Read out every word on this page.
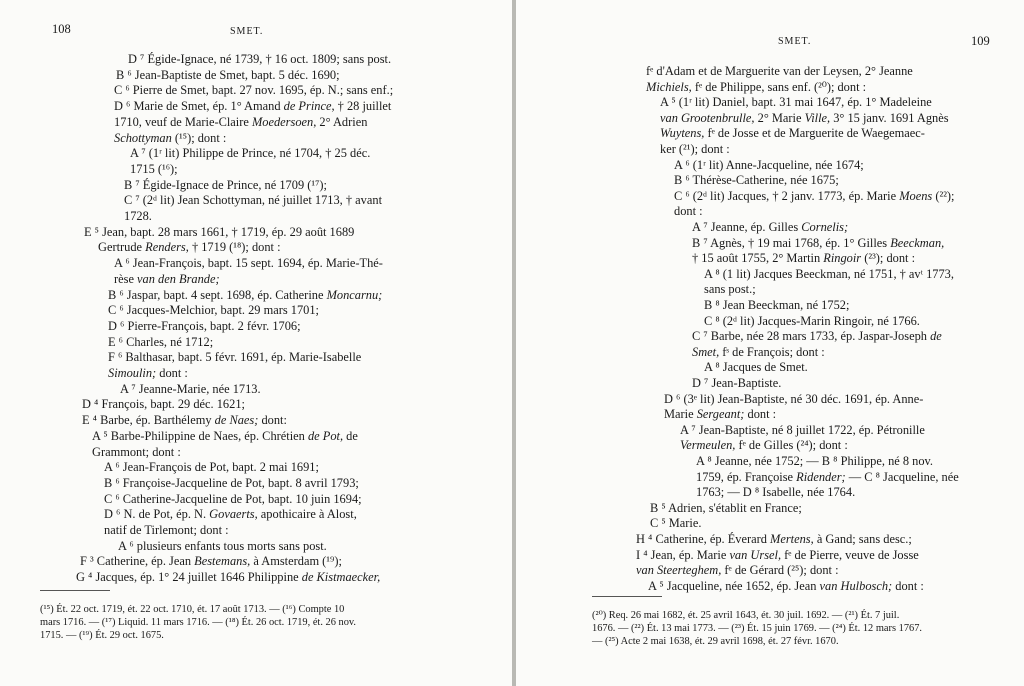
108	SMET.
D ⁷ Égide-Ignace, né 1739, † 16 oct. 1809; sans post.
B ⁶ Jean-Baptiste de Smet, bapt. 5 déc. 1690;
C ⁶ Pierre de Smet, bapt. 27 nov. 1695, ép. N.; sans enf.;
D ⁶ Marie de Smet, ép. 1° Amand de Prince, † 28 juillet
1710, veuf de Marie-Claire Moedersoen, 2° Adrien
Schottyman (¹⁵); dont :
A ⁷ (1ʳ lit) Philippe de Prince, né 1704, † 25 déc.
1715 (¹⁶);
B ⁷ Égide-Ignace de Prince, né 1709 (¹⁷);
C ⁷ (2ᵈ lit) Jean Schottyman, né juillet 1713, † avant
1728.
E ⁵ Jean, bapt. 28 mars 1661, † 1719, ép. 29 août 1689
Gertrude Renders, † 1719 (¹⁸); dont :
A ⁶ Jean-François, bapt. 15 sept. 1694, ép. Marie-Thé-
rèse van den Brande;
B ⁶ Jaspar, bapt. 4 sept. 1698, ép. Catherine Moncarnu;
C ⁶ Jacques-Melchior, bapt. 29 mars 1701;
D ⁶ Pierre-François, bapt. 2 févr. 1706;
E ⁶ Charles, né 1712;
F ⁶ Balthasar, bapt. 5 févr. 1691, ép. Marie-Isabelle
Simoulin; dont :
A ⁷ Jeanne-Marie, née 1713.
D ⁴ François, bapt. 29 déc. 1621;
E ⁴ Barbe, ép. Barthélemy de Naes; dont:
A ⁵ Barbe-Philippine de Naes, ép. Chrétien de Pot, de
Grammont; dont :
A ⁶ Jean-François de Pot, bapt. 2 mai 1691;
B ⁶ Françoise-Jacqueline de Pot, bapt. 8 avril 1793;
C ⁶ Catherine-Jacqueline de Pot, bapt. 10 juin 1694;
D ⁶ N. de Pot, ép. N. Govaerts, apothicaire à Alost,
natif de Tirlemont; dont :
A ⁶ plusieurs enfants tous morts sans post.
F ³ Catherine, ép. Jean Bestemans, à Amsterdam (¹⁹);
G ⁴ Jacques, ép. 1° 24 juillet 1646 Philippine de Kistmaecker,
(¹⁵) Ét. 22 oct. 1719, ét. 22 oct. 1710, ét. 17 août 1713. — (¹⁶) Compte 10
mars 1716. — (¹⁷) Liquid. 11 mars 1716. — (¹⁸) Ét. 26 oct. 1719, ét. 26 nov.
1715. — (¹⁹) Ét. 29 oct. 1675.
109
SMET.
fᵉ d'Adam et de Marguerite van der Leysen, 2° Jeanne
Michiels, fᵉ de Philippe, sans enf. (²⁰); dont :
A ⁵ (1ʳ lit) Daniel, bapt. 31 mai 1647, ép. 1° Madeleine
van Grootenbrulle, 2° Marie Ville, 3° 15 janv. 1691 Agnès
Wuytens, fᵉ de Josse et de Marguerite de Waegemaec-
ker (²¹); dont :
A ⁶ (1ʳ lit) Anne-Jacqueline, née 1674;
B ⁶ Thérèse-Catherine, née 1675;
C ⁶ (2ᵈ lit) Jacques, † 2 janv. 1773, ép. Marie Moens (²²);
dont :
A ⁷ Jeanne, ép. Gilles Cornelis;
B ⁷ Agnès, † 19 mai 1768, ép. 1° Gilles Beeckman,
† 15 août 1755, 2° Martin Ringoir (²³); dont :
A ⁸ (1 lit) Jacques Beeckman, né 1751, † avᵗ 1773,
sans post.;
B ⁸ Jean Beeckman, né 1752;
C ⁸ (2ᵈ lit) Jacques-Marin Ringoir, né 1766.
C ⁷ Barbe, née 28 mars 1733, ép. Jaspar-Joseph de
Smet, fˢ de François; dont :
A ⁸ Jacques de Smet.
D ⁷ Jean-Baptiste.
D ⁶ (3ᵉ lit) Jean-Baptiste, né 30 déc. 1691, ép. Anne-
Marie Sergeant; dont :
A ⁷ Jean-Baptiste, né 8 juillet 1722, ép. Pétronille
Vermeulen, fᵉ de Gilles (²⁴); dont :
A ⁸ Jeanne, née 1752; — B ⁸ Philippe, né 8 nov.
1759, ép. Françoise Ridender; — C ⁸ Jacqueline, née
1763; — D ⁸ Isabelle, née 1764.
B ⁵ Adrien, s'établit en France;
C ⁵ Marie.
H ⁴ Catherine, ép. Éverard Mertens, à Gand; sans desc.;
I ⁴ Jean, ép. Marie van Ursel, fᵉ de Pierre, veuve de Josse
van Steerteghem, fᵉ de Gérard (²⁵); dont :
A ⁵ Jacqueline, née 1652, ép. Jean van Hulbosch; dont :
(²⁰) Req. 26 mai 1682, ét. 25 avril 1643, ét. 30 juil. 1692. — (²¹) Ét. 7 juil.
1676. — (²²) Ét. 13 mai 1773. — (²³) Ét. 15 juin 1769. — (²⁴) Ét. 12 mars 1767.
— (²⁵) Acte 2 mai 1638, ét. 29 avril 1698, ét. 27 févr. 1670.
